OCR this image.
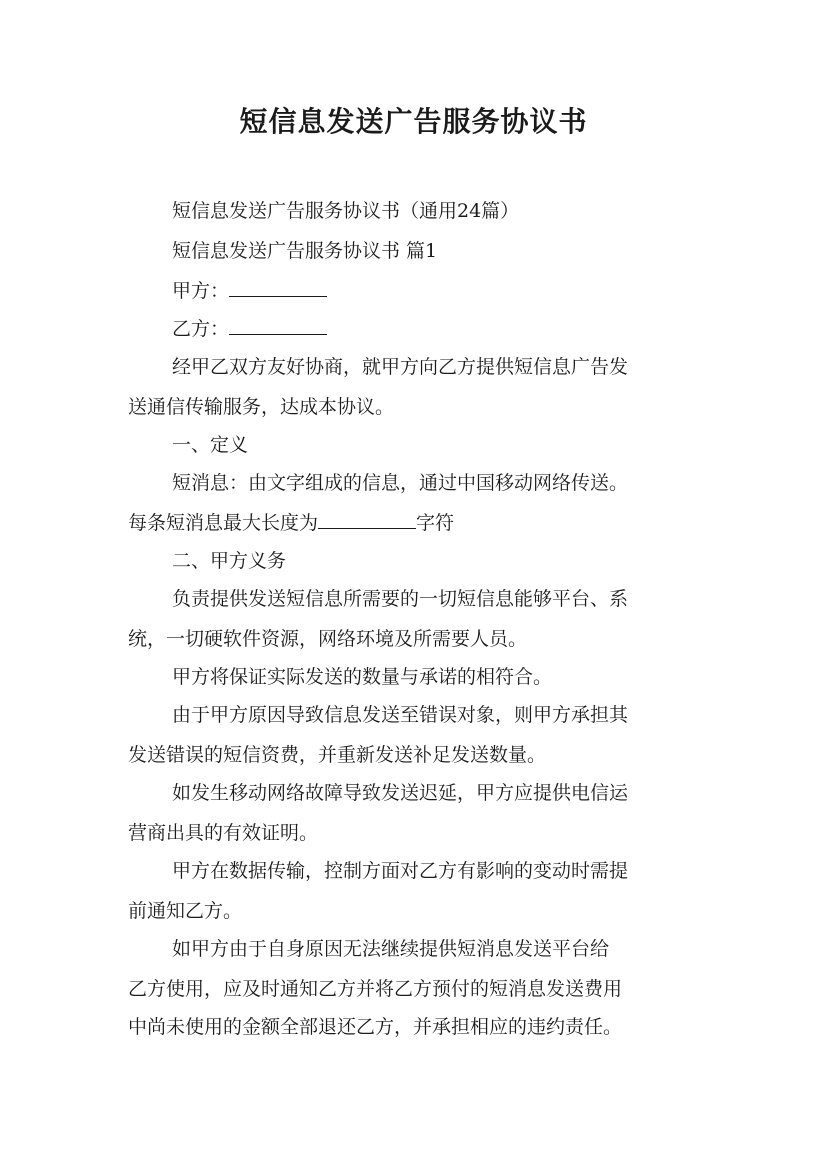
短信息发送广告服务协议书

短信息发送广告服务协议书（通用24篇）

短信息发送广告服务协议书 篇1

甲方：

乙方：

经甲乙双方友好协商，就甲方向乙方提供短信息广告发

送通信传输服务，达成本协议。

一、定义

短消息：由文字组成的信息，通过中国移动网络传送。

每条短消息最大长度为	字符

二、甲方义务

负责提供发送短信息所需要的一切短信息能够平台、系

统，一切硬软件资源，网络环境及所需要人员。

甲方将保证实际发送的数量与承诺的相符合。

由于甲方原因导致信息发送至错误对象，则甲方承担其

发送错误的短信资费，并重新发送补足发送数量。

如发生移动网络故障导致发送迟延，甲方应提供电信运

营商出具的有效证明。

甲方在数据传输，控制方面对乙方有影响的变动时需提

前通知乙方。

如甲方由于自身原因无法继续提供短消息发送平台给

乙方使用，应及时通知乙方并将乙方预付的短消息发送费用

中尚未使用的金额全部退还乙方，并承担相应的违约责任。
